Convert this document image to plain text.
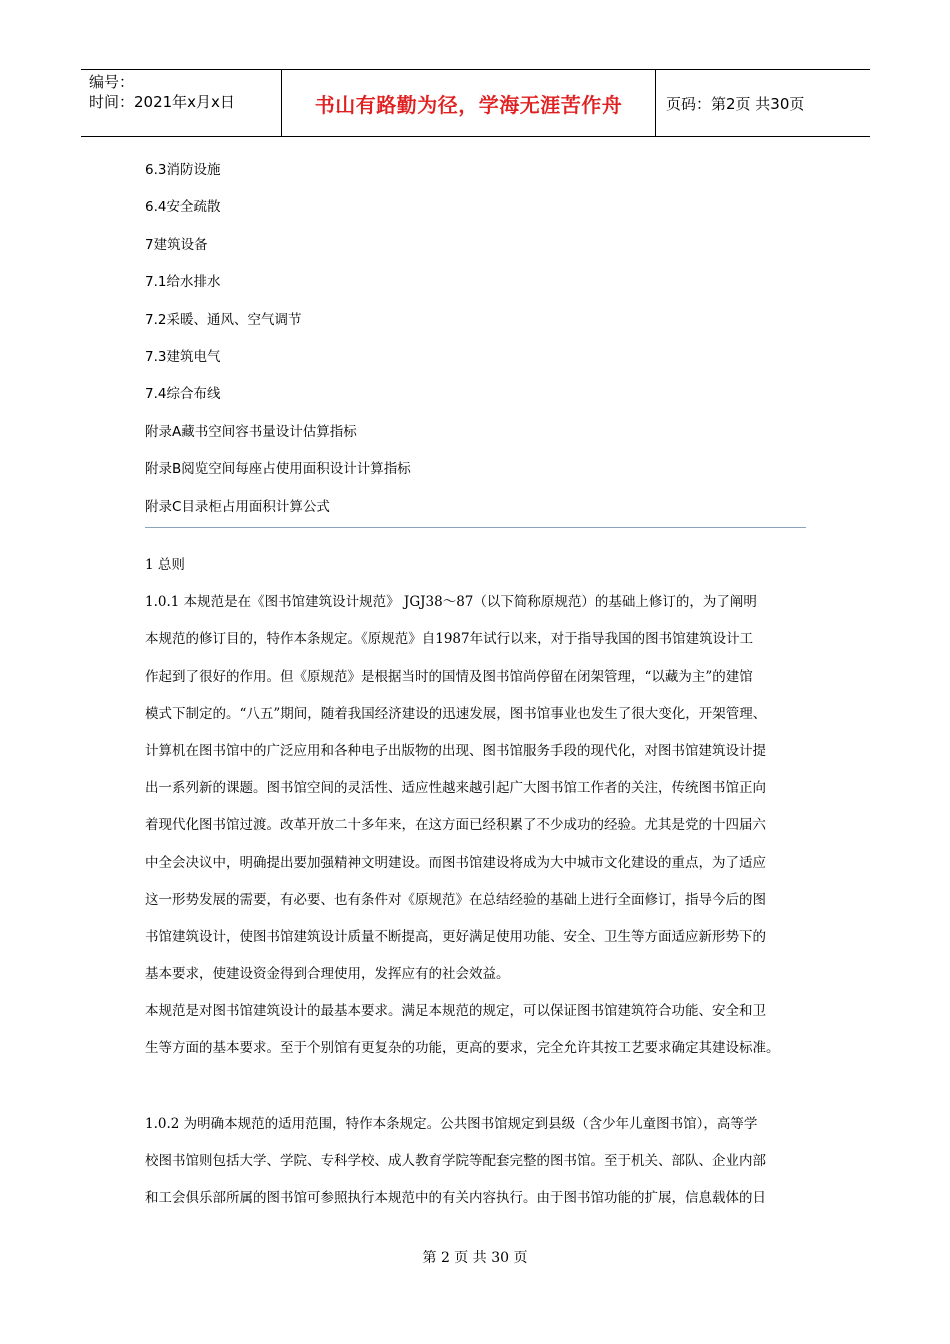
编号：
时间：2021年x月x日	书山有路勤为径，学海无涯苦作舟	页码：第2页 共30页
6.3消防设施
6.4安全疏散
7建筑设备
7.1给水排水
7.2采暖、通风、空气调节
7.3建筑电气
7.4综合布线
附录A藏书空间容书量设计估算指标
附录B阅览空间每座占使用面积设计计算指标
附录C目录柜占用面积计算公式
1 总则
1.0.1 本规范是在《图书馆建筑设计规范》 JGJ38～87（以下简称原规范）的基础上修订的，为了阐明
本规范的修订目的，特作本条规定。《原规范》自1987年试行以来，对于指导我国的图书馆建筑设计工
作起到了很好的作用。但《原规范》是根据当时的国情及图书馆尚停留在闭架管理，“以藏为主”的建馆
模式下制定的。“八五”期间，随着我国经济建设的迅速发展，图书馆事业也发生了很大变化，开架管理、
计算机在图书馆中的广泛应用和各种电子出版物的出现、图书馆服务手段的现代化，对图书馆建筑设计提
出一系列新的课题。图书馆空间的灵活性、适应性越来越引起广大图书馆工作者的关注，传统图书馆正向
着现代化图书馆过渡。改革开放二十多年来，在这方面已经积累了不少成功的经验。尤其是党的十四届六
中全会决议中，明确提出要加强精神文明建设。而图书馆建设将成为大中城市文化建设的重点，为了适应
这一形势发展的需要，有必要、也有条件对《原规范》在总结经验的基础上进行全面修订，指导今后的图
书馆建筑设计，使图书馆建筑设计质量不断提高，更好满足使用功能、安全、卫生等方面适应新形势下的
基本要求，使建设资金得到合理使用，发挥应有的社会效益。
本规范是对图书馆建筑设计的最基本要求。满足本规范的规定，可以保证图书馆建筑符合功能、安全和卫
生等方面的基本要求。至于个别馆有更复杂的功能，更高的要求，完全允许其按工艺要求确定其建设标准。
1.0.2 为明确本规范的适用范围，特作本条规定。公共图书馆规定到县级（含少年儿童图书馆），高等学
校图书馆则包括大学、学院、专科学校、成人教育学院等配套完整的图书馆。至于机关、部队、企业内部
和工会俱乐部所属的图书馆可参照执行本规范中的有关内容执行。由于图书馆功能的扩展，信息载体的日
第 2 页 共 30 页
